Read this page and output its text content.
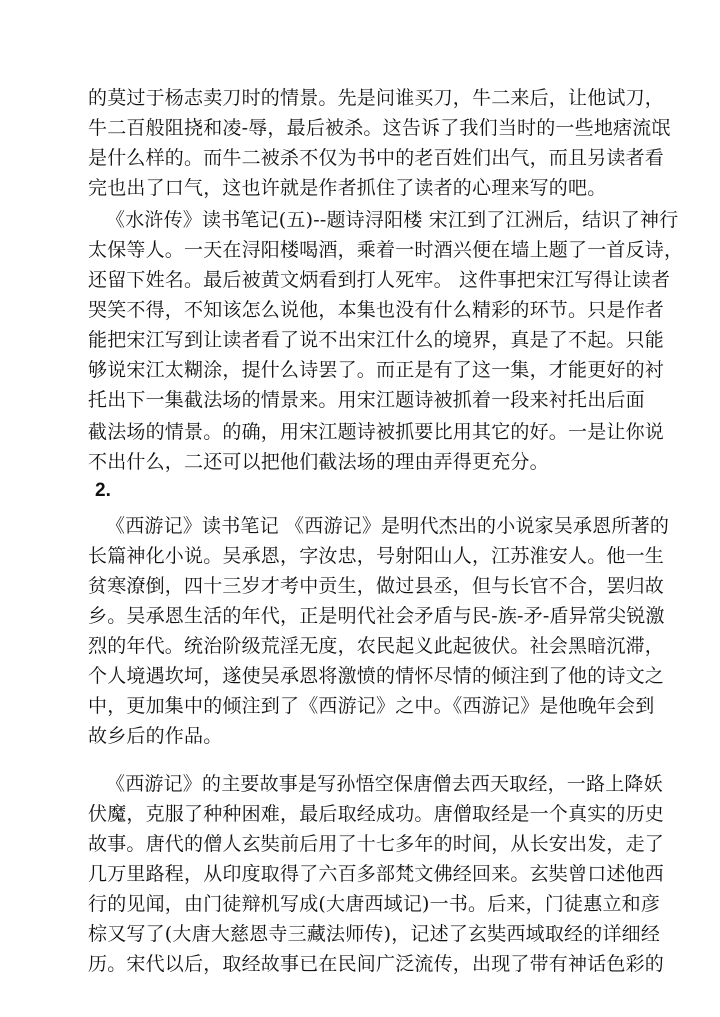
的莫过于杨志卖刀时的情景。先是问谁买刀，牛二来后，让他试刀，
牛二百般阻挠和凌-辱，最后被杀。这告诉了我们当时的一些地痞流氓
是什么样的。而牛二被杀不仅为书中的老百姓们出气，而且另读者看
完也出了口气，这也许就是作者抓住了读者的心理来写的吧。
《水浒传》读书笔记(五)--题诗浔阳楼 宋江到了江洲后，结识了神行
太保等人。一天在浔阳楼喝酒，乘着一时酒兴便在墙上题了一首反诗，
还留下姓名。最后被黄文炳看到打人死牢。 这件事把宋江写得让读者
哭笑不得，不知该怎么说他，本集也没有什么精彩的环节。只是作者
能把宋江写到让读者看了说不出宋江什么的境界，真是了不起。只能
够说宋江太糊涂，提什么诗罢了。而正是有了这一集，才能更好的衬
托出下一集截法场的情景来。用宋江题诗被抓着一段来衬托出后面
2.
《西游记》读书笔记 《西游记》是明代杰出的小说家吴承恩所著的
长篇神化小说。吴承恩，字汝忠，号射阳山人，江苏淮安人。他一生
贫寒潦倒，四十三岁才考中贡生，做过县丞，但与长官不合，罢归故
乡。吴承恩生活的年代，正是明代社会矛盾与民-族-矛-盾异常尖锐激
烈的年代。统治阶级荒淫无度，农民起义此起彼伏。社会黑暗沉滞，
个人境遇坎坷，遂使吴承恩将激愤的情怀尽情的倾注到了他的诗文之
中，更加集中的倾注到了《西游记》之中。《西游记》是他晚年会到
故乡后的作品。
《西游记》的主要故事是写孙悟空保唐僧去西天取经，一路上降妖
伏魔，克服了种种困难，最后取经成功。唐僧取经是一个真实的历史
故事。唐代的僧人玄奘前后用了十七多年的时间，从长安出发，走了
几万里路程，从印度取得了六百多部梵文佛经回来。玄奘曾口述他西
行的见闻，由门徒辩机写成(大唐西域记)一书。后来，门徒惠立和彦
棕又写了(大唐大慈恩寺三藏法师传)，记述了玄奘西域取经的详细经
历。宋代以后，取经故事已在民间广泛流传，出现了带有神话色彩的
截法场的情景。的确，用宋江题诗被抓要比用其它的好。一是让你说
不出什么，二还可以把他们截法场的理由弄得更充分。
